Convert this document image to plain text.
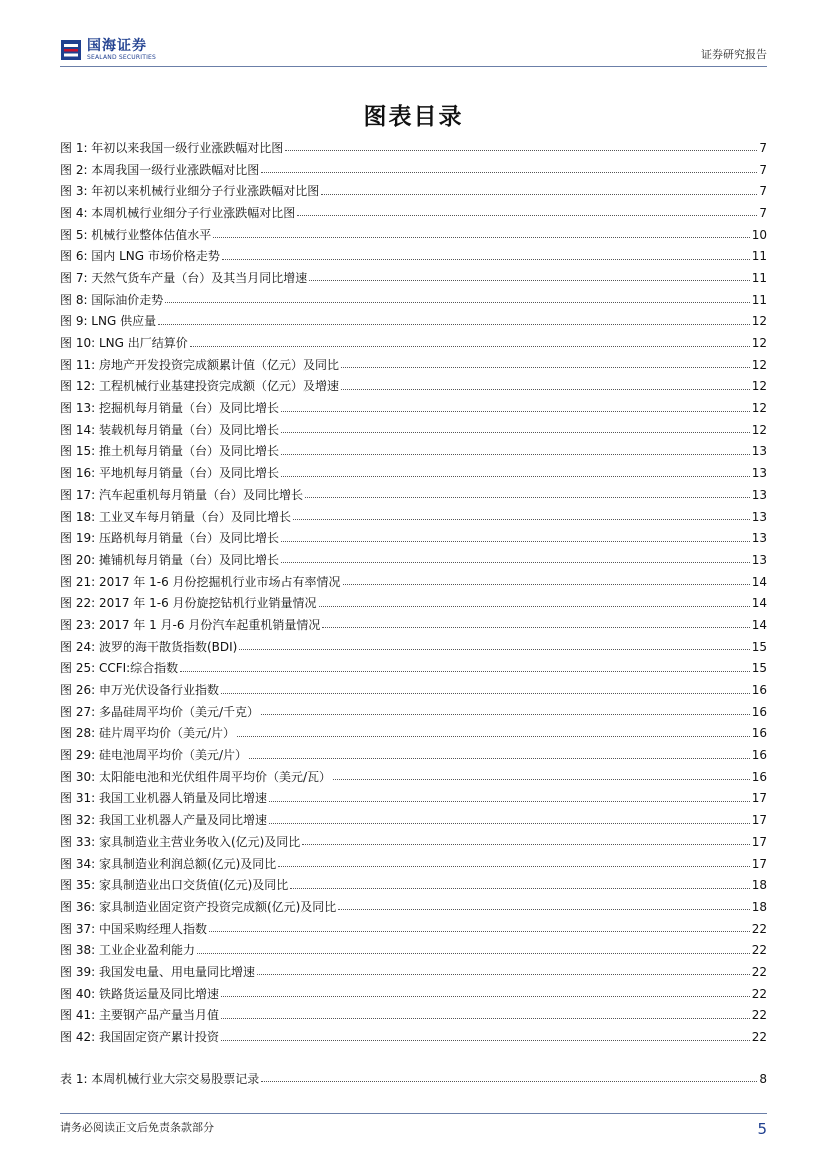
国海证券
SEALAND SECURITIES	证券研究报告
图表目录
图 1: 年初以来我国一级行业涨跌幅对比图	7
图 2: 本周我国一级行业涨跌幅对比图	7
图 3: 年初以来机械行业细分子行业涨跌幅对比图	7
图 4: 本周机械行业细分子行业涨跌幅对比图	7
图 5: 机械行业整体估值水平	10
图 6: 国内 LNG 市场价格走势	11
图 7: 天然气货车产量（台）及其当月同比增速	11
图 8: 国际油价走势	11
图 9: LNG 供应量	12
图 10: LNG 出厂结算价	12
图 11: 房地产开发投资完成额累计值（亿元）及同比	12
图 12: 工程机械行业基建投资完成额（亿元）及增速	12
图 13: 挖掘机每月销量（台）及同比增长	12
图 14: 装载机每月销量（台）及同比增长	12
图 15: 推土机每月销量（台）及同比增长	13
图 16: 平地机每月销量（台）及同比增长	13
图 17: 汽车起重机每月销量（台）及同比增长	13
图 18: 工业叉车每月销量（台）及同比增长	13
图 19: 压路机每月销量（台）及同比增长	13
图 20: 摊铺机每月销量（台）及同比增长	13
图 21: 2017 年 1-6 月份挖掘机行业市场占有率情况	14
图 22: 2017 年 1-6 月份旋挖钻机行业销量情况	14
图 23: 2017 年 1 月-6 月份汽车起重机销量情况	14
图 24: 波罗的海干散货指数(BDI)	15
图 25: CCFI:综合指数	15
图 26: 申万光伏设备行业指数	16
图 27: 多晶硅周平均价（美元/千克）	16
图 28: 硅片周平均价（美元/片）	16
图 29: 硅电池周平均价（美元/片）	16
图 30: 太阳能电池和光伏组件周平均价（美元/瓦）	16
图 31: 我国工业机器人销量及同比增速	17
图 32: 我国工业机器人产量及同比增速	17
图 33: 家具制造业主营业务收入(亿元)及同比	17
图 34: 家具制造业利润总额(亿元)及同比	17
图 35: 家具制造业出口交货值(亿元)及同比	18
图 36: 家具制造业固定资产投资完成额(亿元)及同比	18
图 37: 中国采购经理人指数	22
图 38: 工业企业盈利能力	22
图 39: 我国发电量、用电量同比增速	22
图 40: 铁路货运量及同比增速	22
图 41: 主要钢产品产量当月值	22
图 42: 我国固定资产累计投资	22
表 1: 本周机械行业大宗交易股票记录	8
请务必阅读正文后免责条款部分	5
